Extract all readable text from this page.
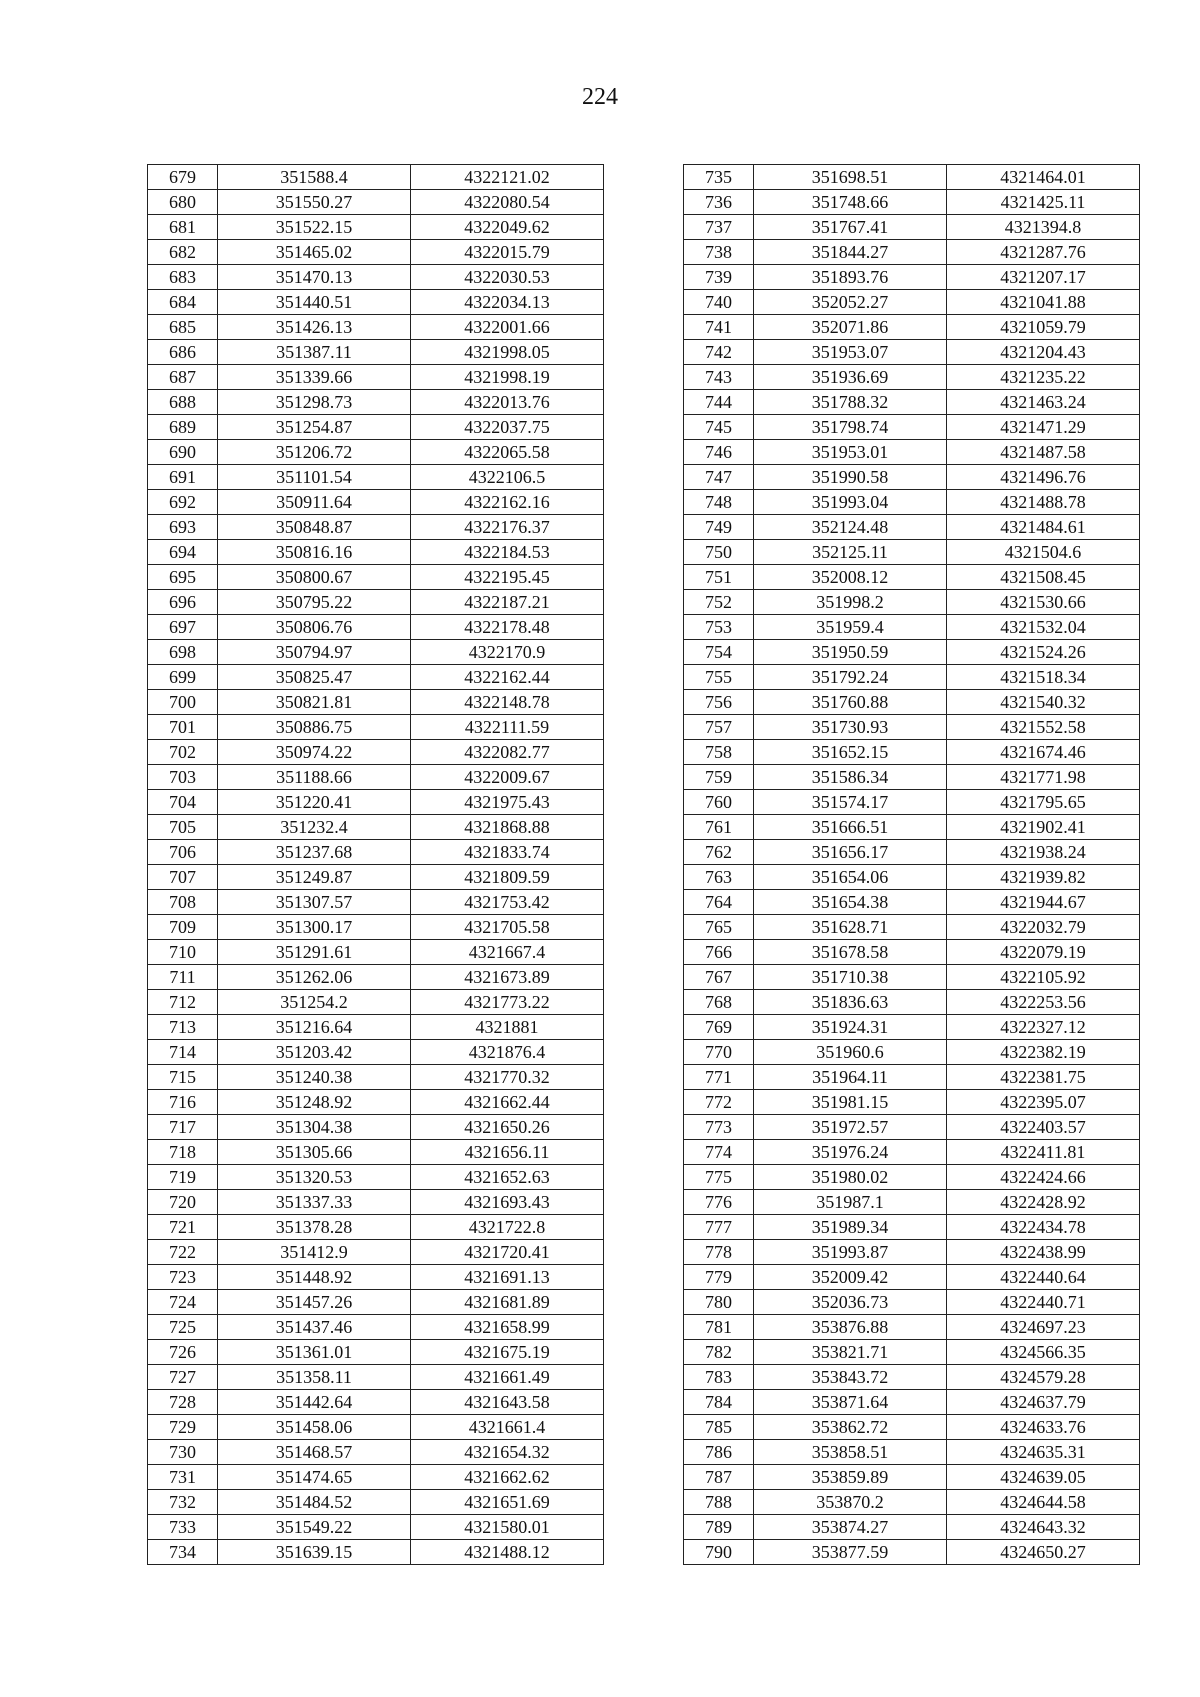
224
679	351588.4	4322121.02
680	351550.27	4322080.54
681	351522.15	4322049.62
682	351465.02	4322015.79
683	351470.13	4322030.53
684	351440.51	4322034.13
685	351426.13	4322001.66
686	351387.11	4321998.05
687	351339.66	4321998.19
688	351298.73	4322013.76
689	351254.87	4322037.75
690	351206.72	4322065.58
691	351101.54	4322106.5
692	350911.64	4322162.16
693	350848.87	4322176.37
694	350816.16	4322184.53
695	350800.67	4322195.45
696	350795.22	4322187.21
697	350806.76	4322178.48
698	350794.97	4322170.9
699	350825.47	4322162.44
700	350821.81	4322148.78
701	350886.75	4322111.59
702	350974.22	4322082.77
703	351188.66	4322009.67
704	351220.41	4321975.43
705	351232.4	4321868.88
706	351237.68	4321833.74
707	351249.87	4321809.59
708	351307.57	4321753.42
709	351300.17	4321705.58
710	351291.61	4321667.4
711	351262.06	4321673.89
712	351254.2	4321773.22
713	351216.64	4321881
714	351203.42	4321876.4
715	351240.38	4321770.32
716	351248.92	4321662.44
717	351304.38	4321650.26
718	351305.66	4321656.11
719	351320.53	4321652.63
720	351337.33	4321693.43
721	351378.28	4321722.8
722	351412.9	4321720.41
723	351448.92	4321691.13
724	351457.26	4321681.89
725	351437.46	4321658.99
726	351361.01	4321675.19
727	351358.11	4321661.49
728	351442.64	4321643.58
729	351458.06	4321661.4
730	351468.57	4321654.32
731	351474.65	4321662.62
732	351484.52	4321651.69
733	351549.22	4321580.01
734	351639.15	4321488.12
735	351698.51	4321464.01
736	351748.66	4321425.11
737	351767.41	4321394.8
738	351844.27	4321287.76
739	351893.76	4321207.17
740	352052.27	4321041.88
741	352071.86	4321059.79
742	351953.07	4321204.43
743	351936.69	4321235.22
744	351788.32	4321463.24
745	351798.74	4321471.29
746	351953.01	4321487.58
747	351990.58	4321496.76
748	351993.04	4321488.78
749	352124.48	4321484.61
750	352125.11	4321504.6
751	352008.12	4321508.45
752	351998.2	4321530.66
753	351959.4	4321532.04
754	351950.59	4321524.26
755	351792.24	4321518.34
756	351760.88	4321540.32
757	351730.93	4321552.58
758	351652.15	4321674.46
759	351586.34	4321771.98
760	351574.17	4321795.65
761	351666.51	4321902.41
762	351656.17	4321938.24
763	351654.06	4321939.82
764	351654.38	4321944.67
765	351628.71	4322032.79
766	351678.58	4322079.19
767	351710.38	4322105.92
768	351836.63	4322253.56
769	351924.31	4322327.12
770	351960.6	4322382.19
771	351964.11	4322381.75
772	351981.15	4322395.07
773	351972.57	4322403.57
774	351976.24	4322411.81
775	351980.02	4322424.66
776	351987.1	4322428.92
777	351989.34	4322434.78
778	351993.87	4322438.99
779	352009.42	4322440.64
780	352036.73	4322440.71
781	353876.88	4324697.23
782	353821.71	4324566.35
783	353843.72	4324579.28
784	353871.64	4324637.79
785	353862.72	4324633.76
786	353858.51	4324635.31
787	353859.89	4324639.05
788	353870.2	4324644.58
789	353874.27	4324643.32
790	353877.59	4324650.27
